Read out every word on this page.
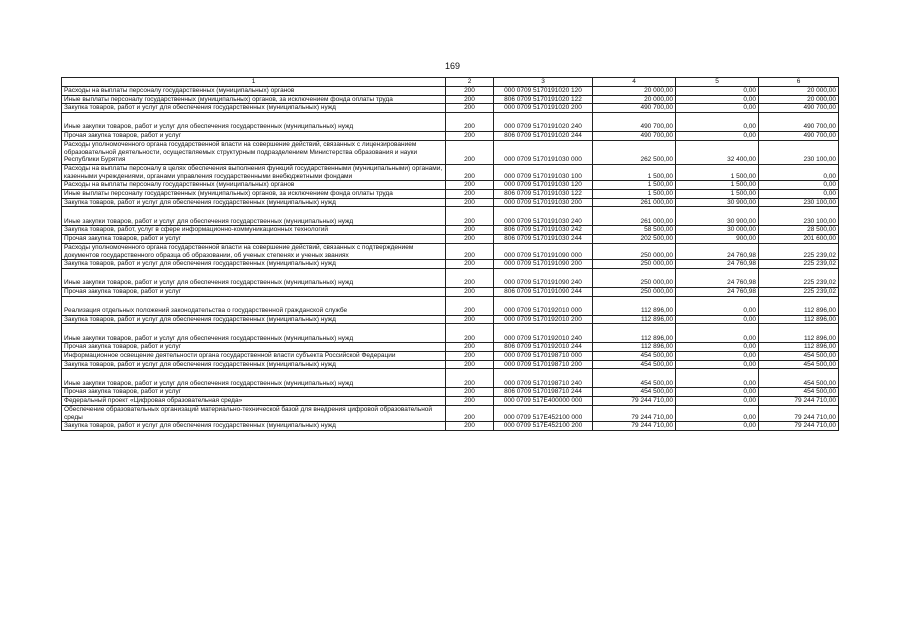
169
1	2	3	4	5	6
Расходы на выплаты персоналу государственных (муниципальных) органов	200	000 0709 5170191020 120	20 000,00	0,00	20 000,00
Иные выплаты персоналу государственных (муниципальных) органов, за исключением фонда оплаты труда	200	806 0709 5170191020 122	20 000,00	0,00	20 000,00
Закупка товаров, работ и услуг для обеспечения государственных (муниципальных) нужд	200	000 0709 5170191020 200	490 700,00	0,00	490 700,00
Иные закупки товаров, работ и услуг для обеспечения государственных (муниципальных) нужд	200	000 0709 5170191020 240	490 700,00	0,00	490 700,00
Прочая закупка товаров, работ и услуг	200	806 0709 5170191020 244	490 700,00	0,00	490 700,00
Расходы уполномоченного органа государственной власти на совершение действий, связанных с лицензированием образовательной деятельности, осуществляемых структурным подразделением Министерства образования и науки Республики Бурятия	200	000 0709 5170191030 000	262 500,00	32 400,00	230 100,00
Расходы на выплаты персоналу в целях обеспечения выполнения функций государственными (муниципальными) органами, казенными учреждениями, органами управления государственными внебюджетными фондами	200	000 0709 5170191030 100	1 500,00	1 500,00	0,00
Расходы на выплаты персоналу государственных (муниципальных) органов	200	000 0709 5170191030 120	1 500,00	1 500,00	0,00
Иные выплаты персоналу государственных (муниципальных) органов, за исключением фонда оплаты труда	200	806 0709 5170191030 122	1 500,00	1 500,00	0,00
Закупка товаров, работ и услуг для обеспечения государственных (муниципальных) нужд	200	000 0709 5170191030 200	261 000,00	30 900,00	230 100,00
Иные закупки товаров, работ и услуг для обеспечения государственных (муниципальных) нужд	200	000 0709 5170191030 240	261 000,00	30 900,00	230 100,00
Закупка товаров, работ, услуг в сфере информационно-коммуникационных технологий	200	806 0709 5170191030 242	58 500,00	30 000,00	28 500,00
Прочая закупка товаров, работ и услуг	200	806 0709 5170191030 244	202 500,00	900,00	201 600,00
Расходы уполномоченного органа государственной власти на совершение действий, связанных с подтверждением документов государственного образца об образовании, об ученых степенях и ученых званиях	200	000 0709 5170191090 000	250 000,00	24 760,98	225 239,02
Закупка товаров, работ и услуг для обеспечения государственных (муниципальных) нужд	200	000 0709 5170191090 200	250 000,00	24 760,98	225 239,02
Иные закупки товаров, работ и услуг для обеспечения государственных (муниципальных) нужд	200	000 0709 5170191090 240	250 000,00	24 760,98	225 239,02
Прочая закупка товаров, работ и услуг	200	806 0709 5170191090 244	250 000,00	24 760,98	225 239,02
Реализация отдельных положений законодательства о государственной гражданской службе	200	000 0709 5170192010 000	112 896,00	0,00	112 896,00
Закупка товаров, работ и услуг для обеспечения государственных (муниципальных) нужд	200	000 0709 5170192010 200	112 896,00	0,00	112 896,00
Иные закупки товаров, работ и услуг для обеспечения государственных (муниципальных) нужд	200	000 0709 5170192010 240	112 896,00	0,00	112 896,00
Прочая закупка товаров, работ и услуг	200	806 0709 5170192010 244	112 896,00	0,00	112 896,00
Информационное освещение деятельности органа государственной власти субъекта Российской Федерации	200	000 0709 5170198710 000	454 500,00	0,00	454 500,00
Закупка товаров, работ и услуг для обеспечения государственных (муниципальных) нужд	200	000 0709 5170198710 200	454 500,00	0,00	454 500,00
Иные закупки товаров, работ и услуг для обеспечения государственных (муниципальных) нужд	200	000 0709 5170198710 240	454 500,00	0,00	454 500,00
Прочая закупка товаров, работ и услуг	200	806 0709 5170198710 244	454 500,00	0,00	454 500,00
Федеральный проект «Цифровая образовательная среда»	200	000 0709 517E400000 000	79 244 710,00	0,00	79 244 710,00
Обеспечение образовательных организаций материально-технической базой для внедрения цифровой образовательной среды	200	000 0709 517E452100 000	79 244 710,00	0,00	79 244 710,00
Закупка товаров, работ и услуг для обеспечения государственных (муниципальных) нужд	200	000 0709 517E452100 200	79 244 710,00	0,00	79 244 710,00
